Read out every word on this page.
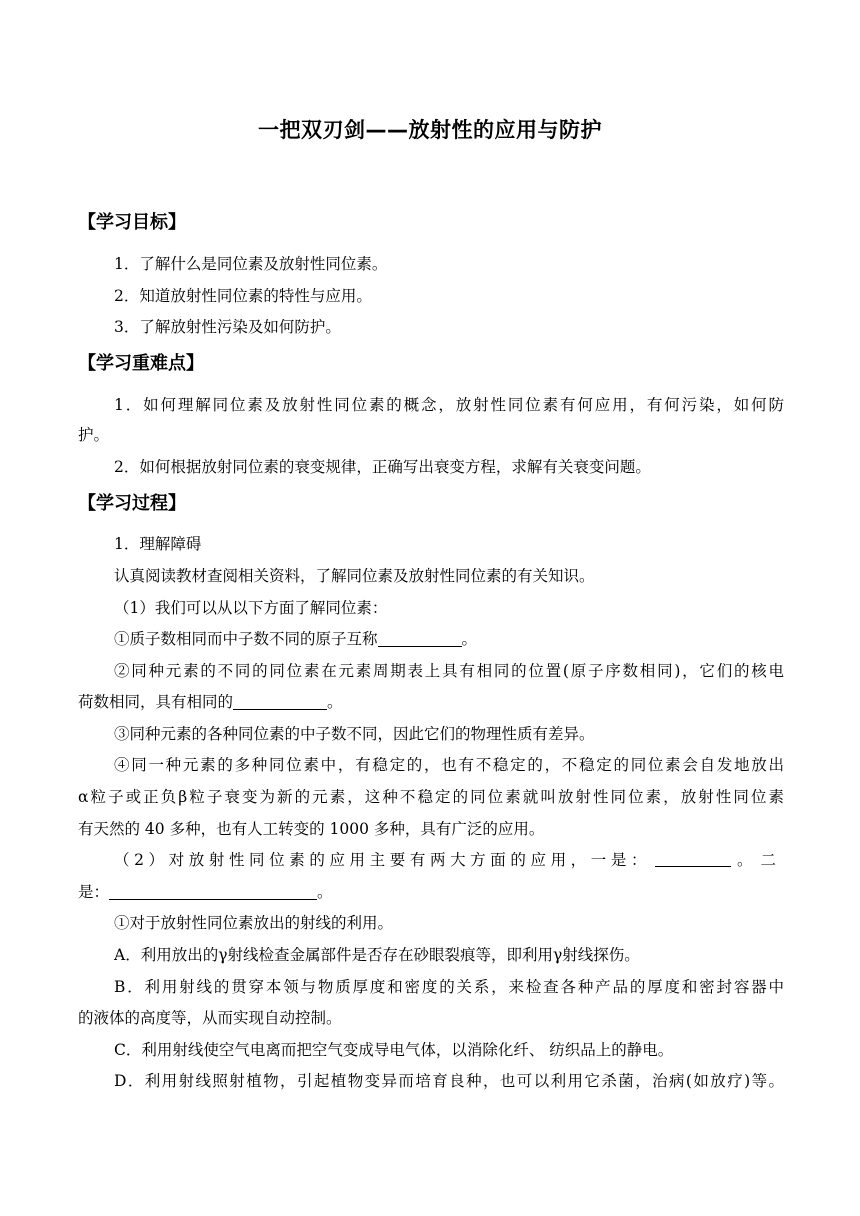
一把双刃剑——放射性的应用与防护
【学习目标】
1．了解什么是同位素及放射性同位素。
2．知道放射性同位素的特性与应用。
3．了解放射性污染及如何防护。
【学习重难点】
1．如何理解同位素及放射性同位素的概念，放射性同位素有何应用，有何污染，如何防
护。
2．如何根据放射同位素的衰变规律，正确写出衰变方程，求解有关衰变问题。
【学习过程】
1．理解障碍
认真阅读教材查阅相关资料，了解同位素及放射性同位素的有关知识。
（1）我们可以从以下方面了解同位素：
①质子数相同而中子数不同的原子互称	。
②同种元素的不同的同位素在元素周期表上具有相同的位置(原子序数相同)，它们的核电
荷数相同，具有相同的	。
③同种元素的各种同位素的中子数不同，因此它们的物理性质有差异。
④同一种元素的多种同位素中，有稳定的，也有不稳定的，不稳定的同位素会自发地放出
α粒子或正负β粒子衰变为新的元素，这种不稳定的同位素就叫放射性同位素，放射性同位素
有天然的 40 多种，也有人工转变的 1000 多种，具有广泛的应用。
（2）对放射性同位素的应用主要有两大方面的应用，一是：	。二
是：	。
①对于放射性同位素放出的射线的利用。
A．利用放出的γ射线检查金属部件是否存在砂眼裂痕等，即利用γ射线探伤。
B．利用射线的贯穿本领与物质厚度和密度的关系，来检查各种产品的厚度和密封容器中
的液体的高度等，从而实现自动控制。
C．利用射线使空气电离而把空气变成导电气体，以消除化纤、 纺织品上的静电。
D．利用射线照射植物，引起植物变异而培育良种，也可以利用它杀菌，治病(如放疗)等。
